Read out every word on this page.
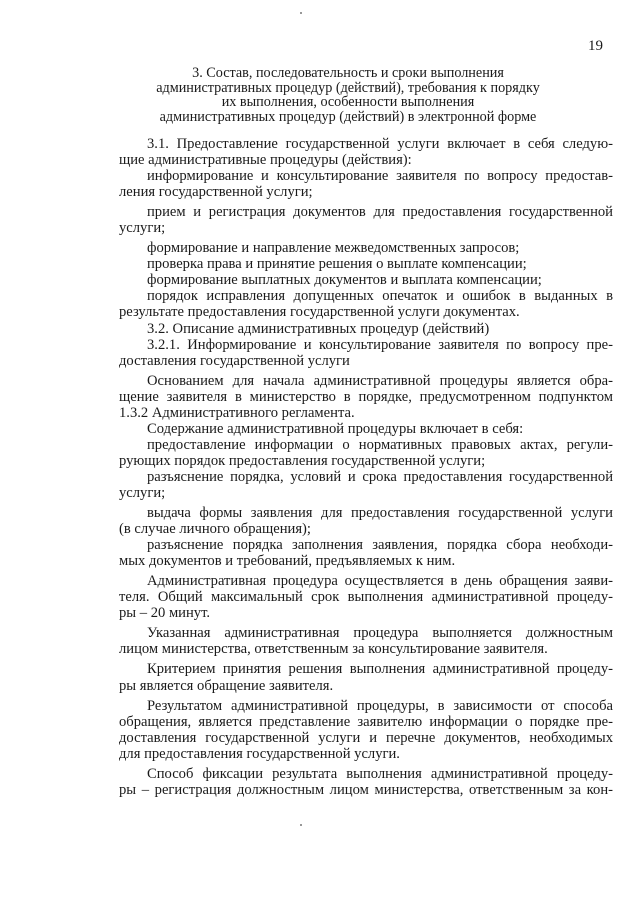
19
3. Состав, последовательность и сроки выполнения
административных процедур (действий), требования к порядку
их выполнения, особенности выполнения
административных процедур (действий) в электронной форме
3.1. Предоставление государственной услуги включает в себя следую-
щие административные процедуры (действия):
информирование и консультирование заявителя по вопросу предостав-
ления государственной услуги;
прием и регистрация документов для предоставления государственной
услуги;
формирование и направление межведомственных запросов;
проверка права и принятие решения о выплате компенсации;
формирование выплатных документов и выплата компенсации;
порядок исправления допущенных опечаток и ошибок в выданных в
результате предоставления государственной услуги документах.
3.2. Описание административных процедур (действий)
3.2.1. Информирование и консультирование заявителя по вопросу пре-
доставления государственной услуги
Основанием для начала административной процедуры является обра-
щение заявителя в министерство в порядке, предусмотренном подпунктом
1.3.2 Административного регламента.
Содержание административной процедуры включает в себя:
предоставление информации о нормативных правовых актах, регули-
рующих порядок предоставления государственной услуги;
разъяснение порядка, условий и срока предоставления государственной
услуги;
выдача формы заявления для предоставления государственной услуги
(в случае личного обращения);
разъяснение порядка заполнения заявления, порядка сбора необходи-
мых документов и требований, предъявляемых к ним.
Административная процедура осуществляется в день обращения заяви-
теля. Общий максимальный срок выполнения административной процеду-
ры – 20 минут.
Указанная административная процедура выполняется должностным
лицом министерства, ответственным за консультирование заявителя.
Критерием принятия решения выполнения административной процеду-
ры является обращение заявителя.
Результатом административной процедуры, в зависимости от способа
обращения, является представление заявителю информации о порядке пре-
доставления государственной услуги и перечне документов, необходимых
для предоставления государственной услуги.
Способ фиксации результата выполнения административной процеду-
ры – регистрация должностным лицом министерства, ответственным за кон-
